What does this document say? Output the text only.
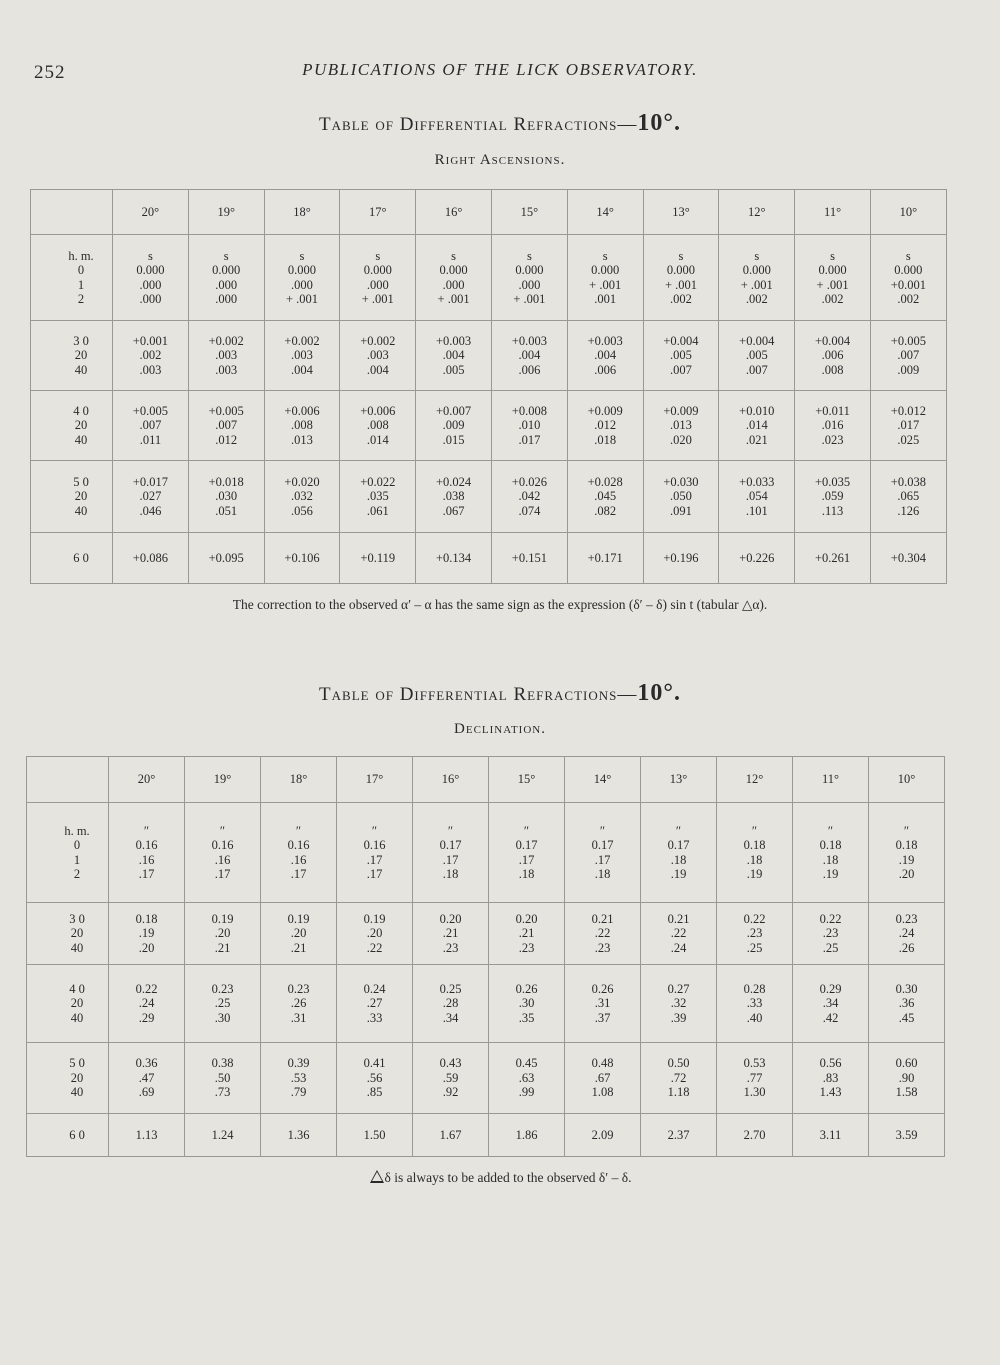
252	PUBLICATIONS OF THE LICK OBSERVATORY.
Table of Differential Refractions—10°.
Right Ascensions.
	20°	19°	18°	17°	16°	15°	14°	13°	12°	11°	10°

h. m.
0
1
2	s
0.000
.000
.000	s
0.000
.000
.000	s
0.000
.000
+ .001	s
0.000
.000
+ .001	s
0.000
.000
+ .001	s
0.000
.000
+ .001	s
0.000
+ .001
.001	s
0.000
+ .001
.002	s
0.000
+ .001
.002	s
0.000
+ .001
.002	s
0.000
+0.001
.002

3 0
20
40	+0.001
.002
.003	+0.002
.003
.003	+0.002
.003
.004	+0.002
.003
.004	+0.003
.004
.005	+0.003
.004
.006	+0.003
.004
.006	+0.004
.005
.007	+0.004
.005
.007	+0.004
.006
.008	+0.005
.007
.009

4 0
20
40	+0.005
.007
.011	+0.005
.007
.012	+0.006
.008
.013	+0.006
.008
.014	+0.007
.009
.015	+0.008
.010
.017	+0.009
.012
.018	+0.009
.013
.020	+0.010
.014
.021	+0.011
.016
.023	+0.012
.017
.025

5 0
20
40	+0.017
.027
.046	+0.018
.030
.051	+0.020
.032
.056	+0.022
.035
.061	+0.024
.038
.067	+0.026
.042
.074	+0.028
.045
.082	+0.030
.050
.091	+0.033
.054
.101	+0.035
.059
.113	+0.038
.065
.126

6 0	+0.086	+0.095	+0.106	+0.119	+0.134	+0.151	+0.171	+0.196	+0.226	+0.261	+0.304
The correction to the observed α′ – α has the same sign as the expression (δ′ – δ) sin t (tabular △α).
Table of Differential Refractions—10°.
Declination.
	20°	19°	18°	17°	16°	15°	14°	13°	12°	11°	10°

h. m.
0
1
2	″
0.16
.16
.17	″
0.16
.16
.17	″
0.16
.16
.17	″
0.16
.17
.17	″
0.17
.17
.18	″
0.17
.17
.18	″
0.17
.17
.18	″
0.17
.18
.19	″
0.18
.18
.19	″
0.18
.18
.19	″
0.18
.19
.20

3 0
20
40	0.18
.19
.20	0.19
.20
.21	0.19
.20
.21	0.19
.20
.22	0.20
.21
.23	0.20
.21
.23	0.21
.22
.23	0.21
.22
.24	0.22
.23
.25	0.22
.23
.25	0.23
.24
.26

4 0
20
40	0.22
.24
.29	0.23
.25
.30	0.23
.26
.31	0.24
.27
.33	0.25
.28
.34	0.26
.30
.35	0.26
.31
.37	0.27
.32
.39	0.28
.33
.40	0.29
.34
.42	0.30
.36
.45

5 0
20
40	0.36
.47
.69	0.38
.50
.73	0.39
.53
.79	0.41
.56
.85	0.43
.59
.92	0.45
.63
.99	0.48
.67
1.08	0.50
.72
1.18	0.53
.77
1.30	0.56
.83
1.43	0.60
.90
1.58

6 0	1.13	1.24	1.36	1.50	1.67	1.86	2.09	2.37	2.70	3.11	3.59
δ is always to be added to the observed δ′ – δ.
